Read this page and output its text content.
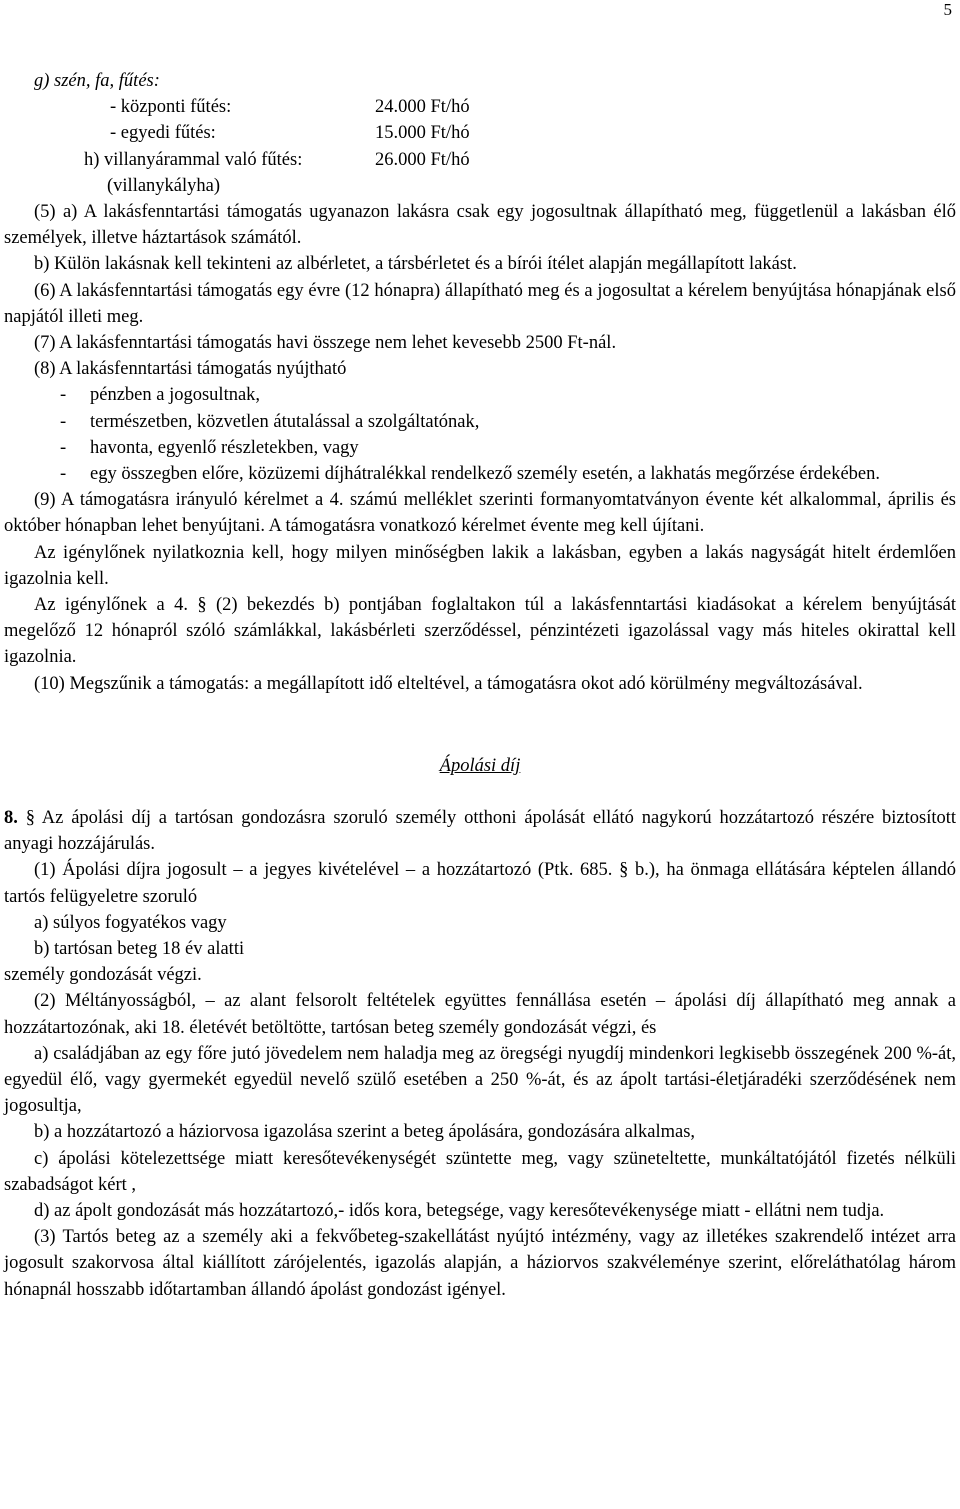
5

g) szén, fa, fűtés:

- központi fűtés:	24.000 Ft/hó
- egyedi fűtés:	15.000 Ft/hó
h) villanyárammal való fűtés:	26.000 Ft/hó

(villanykályha)

(5) a) A lakásfenntartási támogatás ugyanazon lakásra csak egy jogosultnak állapítható meg, függetlenül a lakásban élő személyek, illetve háztartások számától.

b) Külön lakásnak kell tekinteni az albérletet, a társbérletet és a bírói ítélet alapján megállapított lakást.

(6) A lakásfenntartási támogatás egy évre (12 hónapra) állapítható meg és a jogosultat a kérelem benyújtása hónapjának első napjától illeti meg.

(7) A lakásfenntartási támogatás havi összege nem lehet kevesebb 2500 Ft-nál.

(8) A lakásfenntartási támogatás nyújtható

- pénzben a jogosultnak,

- természetben, közvetlen átutalással a szolgáltatónak,

- havonta, egyenlő részletekben, vagy

- egy összegben előre, közüzemi díjhátralékkal rendelkező személy esetén, a lakhatás megőrzése érdekében.

(9) A támogatásra irányuló kérelmet a 4. számú melléklet szerinti formanyomtatványon évente két alkalommal, április és október hónapban lehet benyújtani. A támogatásra vonatkozó kérelmet évente meg kell újítani.

Az igénylőnek nyilatkoznia kell, hogy milyen minőségben lakik a lakásban, egyben a lakás nagyságát hitelt érdemlően igazolnia kell.

Az igénylőnek a 4. § (2) bekezdés b) pontjában foglaltakon túl a lakásfenntartási kiadásokat a kérelem benyújtását megelőző 12 hónapról szóló számlákkal, lakásbérleti szerződéssel, pénzintézeti igazolással vagy más hiteles okirattal kell igazolnia.

(10) Megszűnik a támogatás: a megállapított idő elteltével, a támogatásra okot adó körülmény megváltozásával.

Ápolási díj

8. § Az ápolási díj a tartósan gondozásra szoruló személy otthoni ápolását ellátó nagykorú hozzátartozó részére biztosított anyagi hozzájárulás.

(1) Ápolási díjra jogosult – a jegyes kivételével – a hozzátartozó (Ptk. 685. § b.), ha önmaga ellátására képtelen állandó tartós felügyeletre szoruló

a) súlyos fogyatékos vagy

b) tartósan beteg 18 év alatti

személy gondozását végzi.

(2) Méltányosságból, – az alant felsorolt feltételek együttes fennállása esetén – ápolási díj állapítható meg annak a hozzátartozónak, aki 18. életévét betöltötte, tartósan beteg személy gondozását végzi, és

a) családjában az egy főre jutó jövedelem nem haladja meg az öregségi nyugdíj mindenkori legkisebb összegének 200 %-át, egyedül élő, vagy gyermekét egyedül nevelő szülő esetében a 250 %-át, és az ápolt tartási-életjáradéki szerződésének nem jogosultja,

b) a hozzátartozó a háziorvosa igazolása szerint a beteg ápolására, gondozására alkalmas,

c) ápolási kötelezettsége miatt keresőtevékenységét szüntette meg, vagy szüneteltette, munkáltatójától fizetés nélküli szabadságot kért ,

d) az ápolt gondozását más hozzátartozó,- idős kora, betegsége, vagy keresőtevékenysége miatt - ellátni nem tudja.

(3) Tartós beteg az a személy aki a fekvőbeteg-szakellátást nyújtó intézmény, vagy az illetékes szakrendelő intézet arra jogosult szakorvosa által kiállított zárójelentés, igazolás alapján, a háziorvos szakvéleménye szerint, előreláthatólag három hónapnál hosszabb időtartamban állandó ápolást gondozást igényel.
